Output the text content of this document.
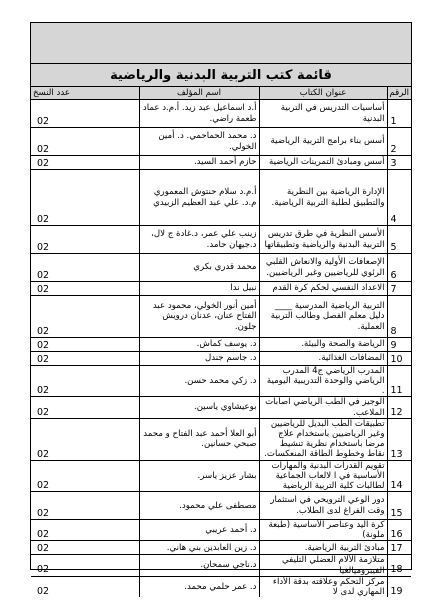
قائمة كتب التربية البدنية والرياضية
الرقم	عنوان الكتاب	اسم المؤلف	عدد النسخ
1	أساسيات التدريس في التربية البدنية	أ.د اسماعيل عبد زيد. أ.م.د عماد طعمة راضي.	02
2	أسس بناء برامج التربية الرياضية	د. محمد الحماحمي. د. أمين الخولي.	02
3	أسس ومبادئ التمرينات الرياضية	حازم أحمد السيد.	02
4	الإدارة الرياضية بين النظرية والتطبيق لطلبة التربية الرياضية.	أ.م.د سلام حنتوش المعموري م.د. علي عبد العظيم الزبيدي	02
5	الأسس النظرية في طرق تدريس التربية البدنية والرياضية وتطبيقاتها	زينب علي عمر، د.غادة ج لال، د.جيهان حامد.	02
6	الإصعافات الأولية والانعاش القلبي الرئوي للرياضيين وغير الرياضيين.	محمد قدري بكري	02
7	الاعداد النفسي لحكم كرة القدم	نبيل ندا	02
8	التربية الرياضية المدرسية ____ دليل معلم الفصل وطالب التربية العملية.	أمين أنور الخولي، محمود عبد الفتاح عنان، عدنان درويش جلون.	02
9	الرياضة والصحة والبيئة.	د. يوسف كماش.	02
10	المضافات الغذائية.	د. جاسم جندل	02
11	المدرب الرياضي ج4 المدرب الرياضي والوحدة التدريبية اليومية .	د. زكي محمد حسن.	02
12	الوجيز في الطب الرياضي اصابات الملاعب.	بوعيشاوي ياسين.	02
13	تطبيقات الطب البديل للرياضيين وغير الرياضيين باستخدام علاج مرضا باستخدام نظرية تنشيط نقاط وخطوط الطاقة المنعكسات.	أبو العلا أحمد عبد الفتاح و محمد صبحي حسانين.	02
14	تقويم القدرات البدنية والمهارات الأساسية في ا لالعاب الجماعية لطالبات كلية التربية الرياضية	بشار عزيز ياسر.	02
15	دور الوعي الترويحي في استثمار وقت الفراغ لدى الطلاب.	مصطفى علي محمود.	02
16	كرة اليد وعناصر الأساسية (طبعة ملونة)	د. أحمد عريبي	02
17	مبادئ التربية الرياضية.	د. زين العابدين بني هاني.	02
18	متلازمة الألام العضلي التليفي الفيبروميالغيا	د.ناجي سمحان.	02
19	مركز التحكم وعلاقته بدقة الأداء المهاري لدى لا	د. عمر حلمي محمد.	02
